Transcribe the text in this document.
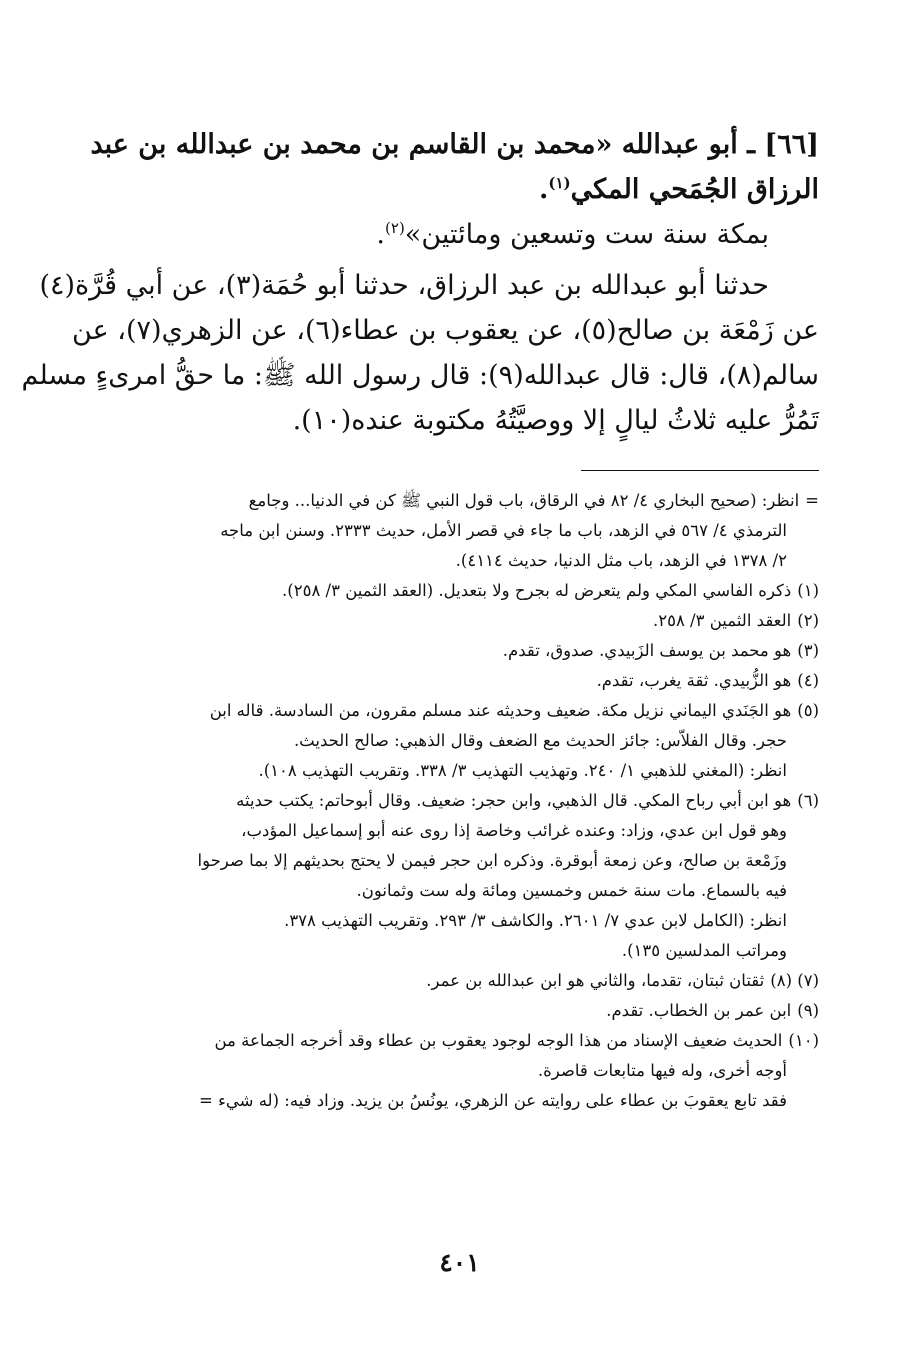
[٦٦] ـ أبو عبدالله «محمد بن القاسم بن محمد بن عبدالله بن عبد
الرزاق الجُمَحي المكي$^{(١)}$.
بمكة سنة ست وتسعين ومائتين»$^{(٢)}$.
حدثنا أبو عبدالله بن عبد الرزاق، حدثنا أبو حُمَة(٣)، عن أبي قُرَّة(٤)
عن زَمْعَة بن صالح(٥)، عن يعقوب بن عطاء(٦)، عن الزهري(٧)، عن
سالم(٨)، قال: قال عبدالله(٩): قال رسول الله ﷺ: ما حقُّ امرىءٍ مسلم
تَمُرُّ عليه ثلاثُ ليالٍ إلا ووصيَّتُهُ مكتوبة عنده(١٠).
=انظر: (صحيح البخاري ٤/ ٨٢ في الرقاق، باب قول النبي ﷺ كن في الدنيا... وجامع
الترمذي ٤/ ٥٦٧ في الزهد، باب ما جاء في قصر الأمل، حديث ٢٣٣٣. وسنن ابن ماجه
٢/ ١٣٧٨ في الزهد، باب مثل الدنيا، حديث ٤١١٤).
(١)ذكره الفاسي المكي ولم يتعرض له بجرح ولا بتعديل. (العقد الثمين ٣/ ٢٥٨).
(٢)العقد الثمين ٣/ ٢٥٨.
(٣)هو محمد بن يوسف الزَبيدي. صدوق، تقدم.
(٤)هو الزُّبيدي. ثقة يغرب، تقدم.
(٥)هو الجَنَدي اليماني نزيل مكة. ضعيف وحديثه عند مسلم مقرون، من السادسة. قاله ابن
حجر. وقال الفلاّس: جائز الحديث مع الضعف وقال الذهبي: صالح الحديث.
انظر: (المغني للذهبي ١/ ٢٤٠. وتهذيب التهذيب ٣/ ٣٣٨. وتقريب التهذيب ١٠٨).
(٦)هو ابن أبي رباح المكي. قال الذهبي، وابن حجر: ضعيف. وقال أبوحاتم: يكتب حديثه
وهو قول ابن عدي، وزاد: وعنده غرائب وخاصة إذا روى عنه أبو إسماعيل المؤدب،
وزَمْعة بن صالح، وعن زمعة أبوقرة. وذكره ابن حجر فيمن لا يحتج بحديثهم إلا بما صرحوا
فيه بالسماع. مات سنة خمس وخمسين ومائة وله ست وثمانون.
انظر: (الكامل لابن عدي ٧/ ٢٦٠١. والكاشف ٣/ ٢٩٣. وتقريب التهذيب ٣٧٨.
ومراتب المدلسين ١٣٥).
(٧) (٨)ثقتان ثبتان، تقدما، والثاني هو ابن عبدالله بن عمر.
(٩)ابن عمر بن الخطاب. تقدم.
(١٠)الحديث ضعيف الإسناد من هذا الوجه لوجود يعقوب بن عطاء وقد أخرجه الجماعة من
أوجه أخرى، وله فيها متابعات قاصرة.
فقد تابع يعقوبَ بن عطاء على روايته عن الزهري، يونُسُ بن يزيد. وزاد فيه: (له شيء =
٤٠١
